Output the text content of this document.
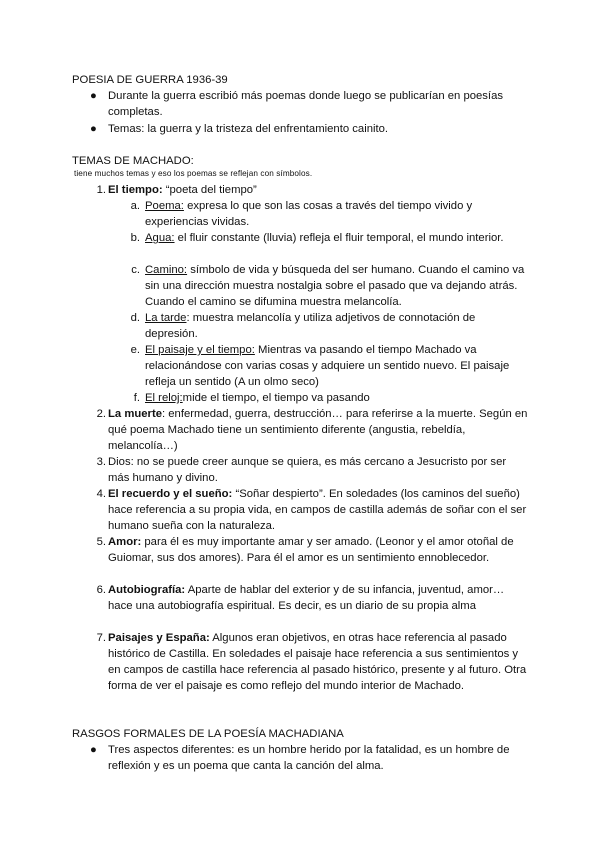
POESIA DE GUERRA 1936-39
● Durante la guerra escribió más poemas donde luego se publicarían en poesías completas.
● Temas: la guerra y la tristeza del enfrentamiento cainito.
TEMAS DE MACHADO:
tiene muchos temas y eso los poemas se reflejan con símbolos.
1. El tiempo: “poeta del tiempo”
a. Poema: expresa lo que son las cosas a través del tiempo vivido y experiencias vividas.
b. Agua: el fluir constante (lluvia) refleja el fluir temporal, el mundo interior.
c. Camino: símbolo de vida y búsqueda del ser humano. Cuando el camino va sin una dirección muestra nostalgia sobre el pasado que va dejando atrás. Cuando el camino se difumina muestra melancolía.
d. La tarde: muestra melancolía y utiliza adjetivos de connotación de depresión.
e. El paisaje y el tiempo: Mientras va pasando el tiempo Machado va relacionándose con varias cosas y adquiere un sentido nuevo. El paisaje refleja un sentido (A un olmo seco)
f. El reloj:mide el tiempo, el tiempo va pasando
2. La muerte: enfermedad, guerra, destrucción… para referirse a la muerte. Según en qué poema Machado tiene un sentimiento diferente (angustia, rebeldía, melancolía…)
3. Dios: no se puede creer aunque se quiera, es más cercano a Jesucristo por ser más humano y divino.
4. El recuerdo y el sueño: “Soñar despierto”. En soledades (los caminos del sueño) hace referencia a su propia vida, en campos de castilla además de soñar con el ser humano sueña con la naturaleza.
5. Amor: para él es muy importante amar y ser amado. (Leonor y el amor otoñal de Guiomar, sus dos amores). Para él el amor es un sentimiento ennoblecedor.
6. Autobiografía: Aparte de hablar del exterior y de su infancia, juventud, amor… hace una autobiografía espiritual. Es decir, es un diario de su propia alma
7. Paisajes y España: Algunos eran objetivos, en otras hace referencia al pasado histórico de Castilla. En soledades el paisaje hace referencia a sus sentimientos y en campos de castilla hace referencia al pasado histórico, presente y al futuro. Otra forma de ver el paisaje es como reflejo del mundo interior de Machado.
RASGOS FORMALES DE LA POESÍA MACHADIANA
● Tres aspectos diferentes: es un hombre herido por la fatalidad, es un hombre de reflexión y es un poema que canta la canción del alma.
